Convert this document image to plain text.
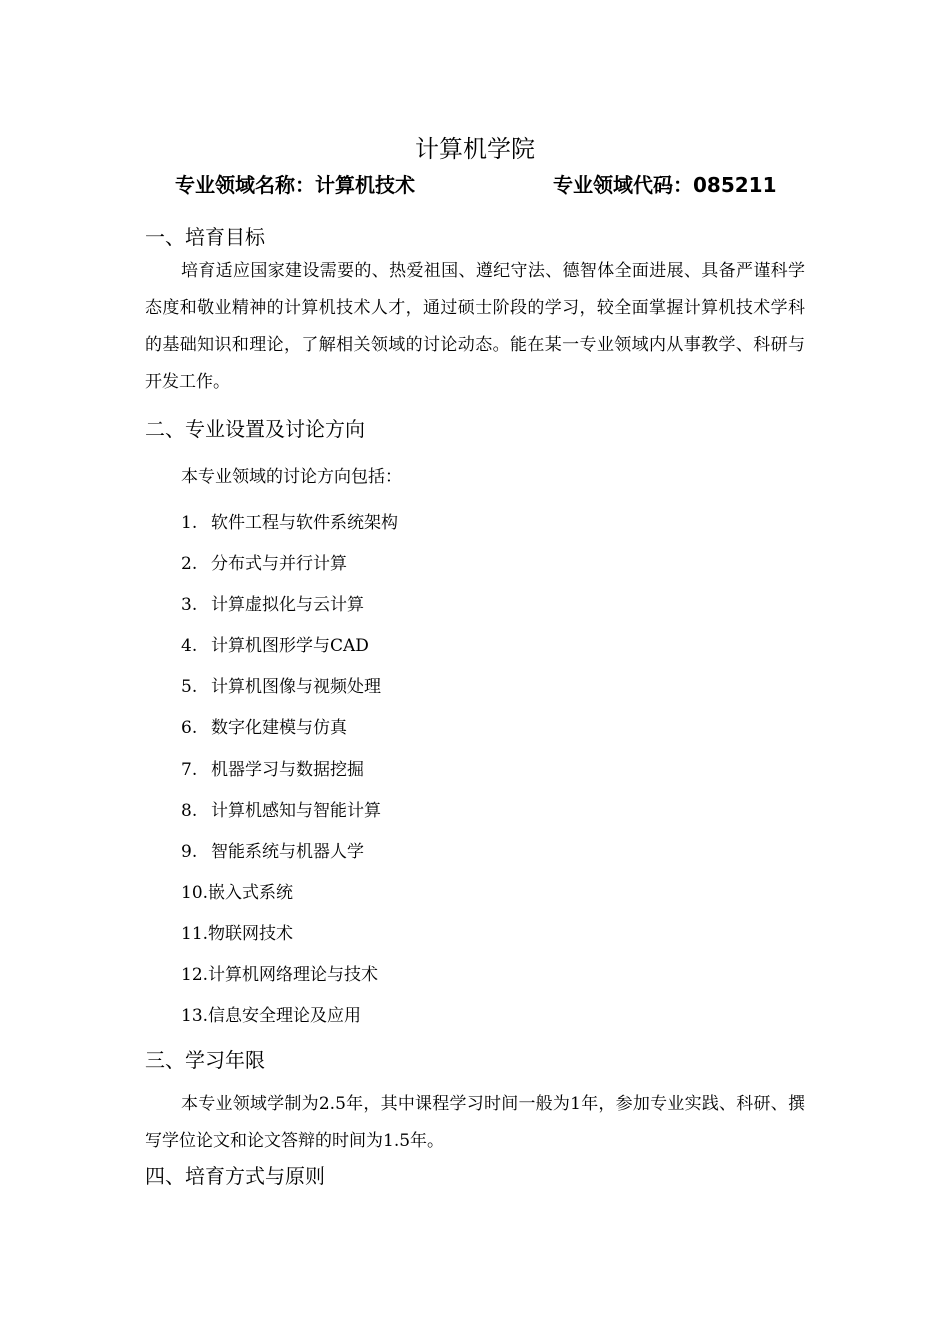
计算机学院
专业领域名称：计算机技术	专业领域代码：085211
一、培育目标
培育适应国家建设需要的、热爱祖国、遵纪守法、德智体全面进展、具备严谨科学态度和敬业精神的计算机技术人才，通过硕士阶段的学习，较全面掌握计算机技术学科的基础知识和理论，了解相关领域的讨论动态。能在某一专业领域内从事教学、科研与开发工作。
二、专业设置及讨论方向
本专业领域的讨论方向包括：
1. 软件工程与软件系统架构
2. 分布式与并行计算
3. 计算虚拟化与云计算
4. 计算机图形学与CAD
5. 计算机图像与视频处理
6. 数字化建模与仿真
7. 机器学习与数据挖掘
8. 计算机感知与智能计算
9. 智能系统与机器人学
10.嵌入式系统
11.物联网技术
12.计算机网络理论与技术
13.信息安全理论及应用
三、学习年限
本专业领域学制为2.5年，其中课程学习时间一般为1年，参加专业实践、科研、撰写学位论文和论文答辩的时间为1.5年。
四、培育方式与原则
